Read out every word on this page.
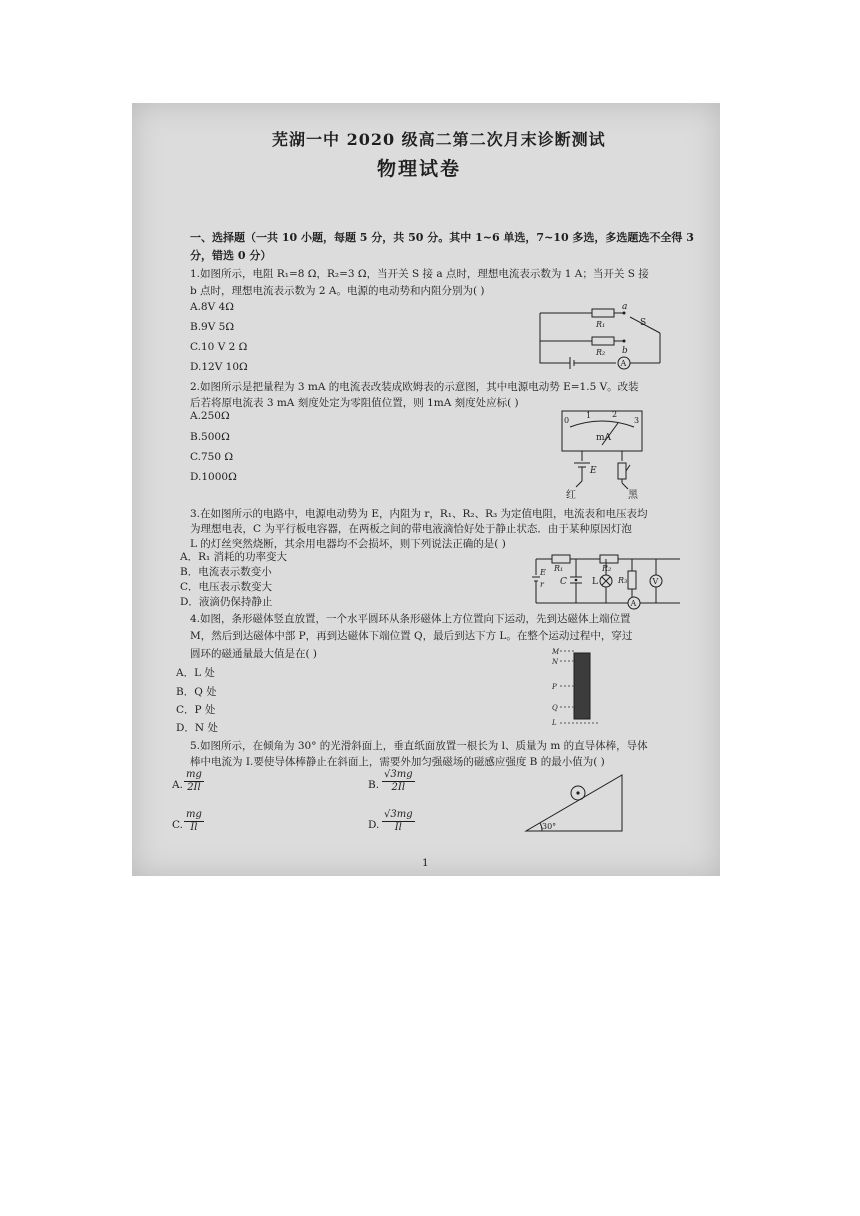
芜湖一中 2020 级高二第二次月末诊断测试
物理试卷
一、选择题（一共 10 小题，每题 5 分，共 50 分。其中 1~6 单选，7~10 多选，多选题选不全得 3
分，错选 0 分）
1.如图所示，电阻 R₁=8 Ω，R₂=3 Ω，当开关 S 接 a 点时，理想电流表示数为 1 A；当开关 S 接
b 点时，理想电流表示数为 2 A。电源的电动势和内阻分别为( )
A.8V 4Ω
B.9V 5Ω
C.10 V 2 Ω
D.12V 10Ω
a
b
S
R₁
R₂
A
2.如图所示是把量程为 3 mA 的电流表改装成欧姆表的示意图，其中电源电动势 E=1.5 V。改装
后若将原电流表 3 mA 刻度处定为零阻值位置，则 1mA 刻度处应标( )
A.250Ω
B.500Ω
C.750 Ω
D.1000Ω
0
1	2
3
mA
E
红	黑
3.在如图所示的电路中，电源电动势为 E，内阻为 r，R₁、R₂、R₃ 为定值电阻，电流表和电压表均
为理想电表，C 为平行板电容器，在两板之间的带电液滴恰好处于静止状态．由于某种原因灯泡
L 的灯丝突然烧断，其余用电器均不会损坏，则下列说法正确的是( )
A．R₁ 消耗的功率变大
B．电流表示数变小
C．电压表示数变大
D．液滴仍保持静止
R₁	R₂
R₃
C	L
E
r	V
A
4.如图，条形磁体竖直放置，一个水平圆环从条形磁体上方位置向下运动，先到达磁体上端位置
M，然后到达磁体中部 P，再到达磁体下端位置 Q，最后到达下方 L。在整个运动过程中，穿过
圆环的磁通量最大值是在( )
A．L 处
B．Q 处
C．P 处
D．N 处
M
N
P
Q
L
5.如图所示，在倾角为 30° 的光滑斜面上，垂直纸面放置一根长为 l、质量为 m 的直导体棒，导体
棒中电流为 I.要使导体棒静止在斜面上，需要外加匀强磁场的磁感应强度 B 的最小值为( )
A. $\frac{mg}{2Il}$	B. $\frac{√3mg}{2Il}$
C. $\frac{mg}{Il}$	D. $\frac{√3mg}{Il}$	30°
1
